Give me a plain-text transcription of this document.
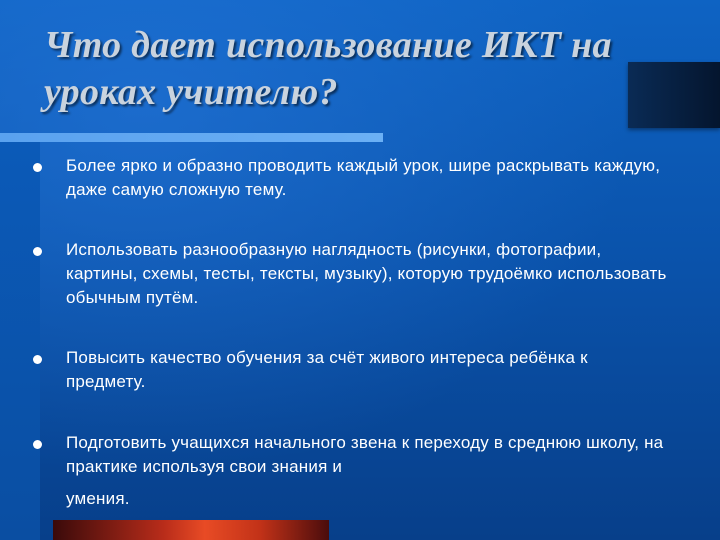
Что дает использование ИКТ на уроках учителю?
Более ярко и образно проводить каждый урок, шире раскрывать каждую, даже самую сложную тему.
Использовать разнообразную наглядность (рисунки, фотографии, картины, схемы, тесты, тексты, музыку), которую трудоёмко использовать обычным путём.
Повысить качество обучения за счёт живого интереса ребёнка к предмету.
Подготовить учащихся начального звена к переходу в среднюю школу, на практике используя свои знания и
умения.
